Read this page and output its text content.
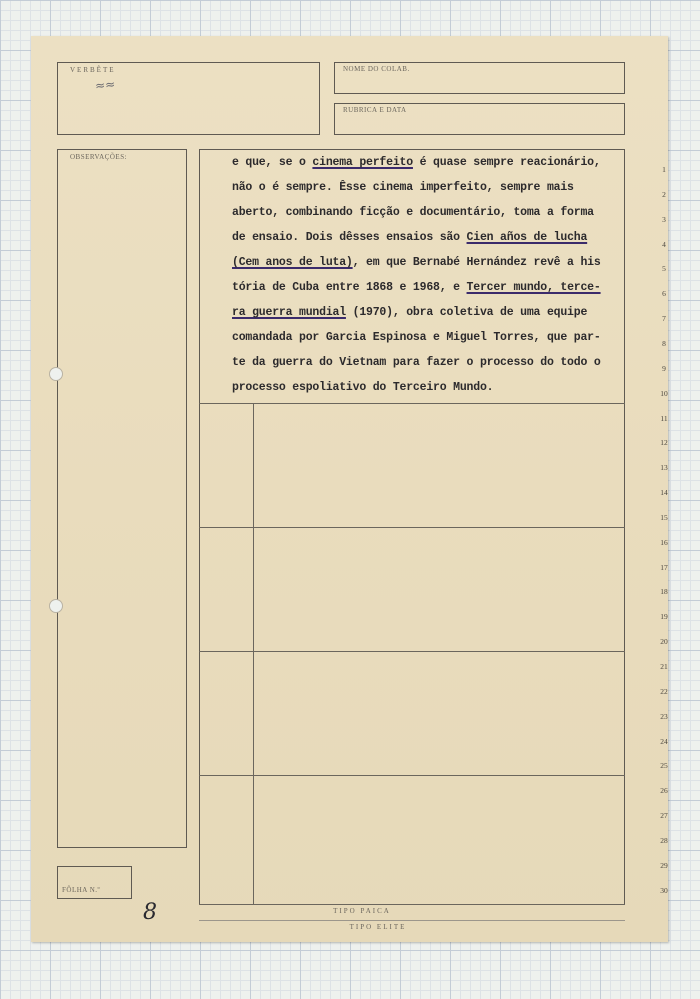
≈≈
VERBÊTE	NOME DO COLAB.
RUBRICA E DATA
OBSERVAÇÕES:
FÔLHA N.º
8
e que, se o cinema perfeito é quase sempre reacionário,
não o é sempre. Êsse cinema imperfeito, sempre mais
aberto, combinando ficção e documentário, toma a forma
de ensaio. Dois dêsses ensaios são Cien años de lucha
(Cem anos de luta), em que Bernabé Hernández revê a his
tória de Cuba entre 1868 e 1968, e Tercer mundo, terce-
ra guerra mundial (1970), obra coletiva de uma equipe
comandada por Garcia Espinosa e Miguel Torres, que par-
te da guerra do Vietnam para fazer o processo do todo o
processo espoliativo do Terceiro Mundo.
1
2
3
4
5
6
7
8
9
10
11
12
13
14
15
16
17
18
19
20
21
22
23
24
25
26
27
28
29
30
TIPO PAICA
TIPO ELITE
